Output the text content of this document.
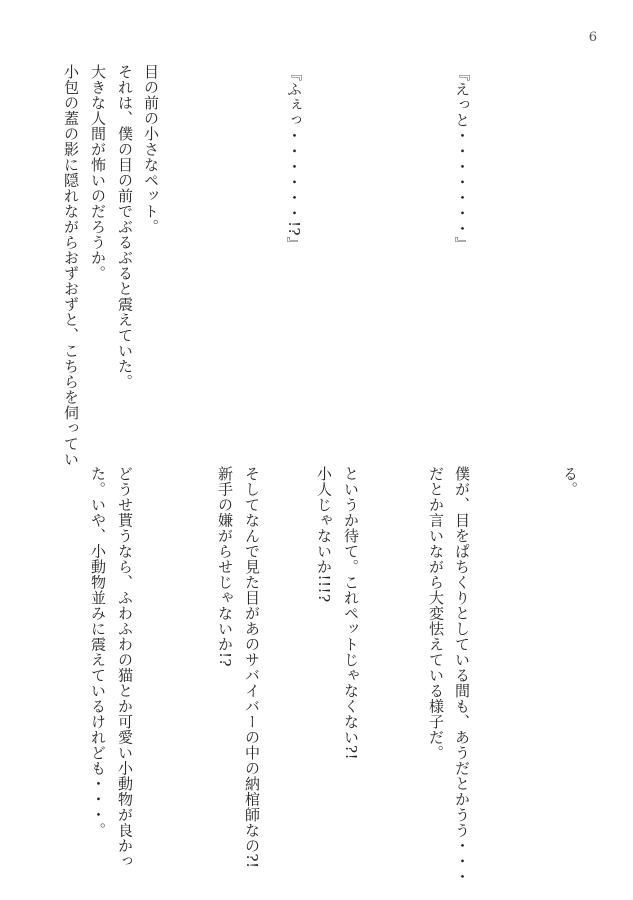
6
『えっと・・・・・・・』
『ふぇっ・・・・・・!?』
目の前の小さなペット。
それは、僕の目の前でぶるぶると震えていた。
大きな人間が怖いのだろうか。
小包の蓋の影に隠れながらおずおずと、こちらを伺ってい
る。
僕が、目をぱちくりとしている間も、あうだとかうう・・・
だとか言いながら大変怯えている様子だ。
というか待て。これペットじゃなくない?!
小人じゃないか!!!?
そしてなんで見た目があのサバイバーの中の納棺師なの?!
新手の嫌がらせじゃないか!?
どうせ貰うなら、ふわふわの猫とか可愛い小動物が良かっ
た。いや、小動物並みに震えているけれども・・・。
